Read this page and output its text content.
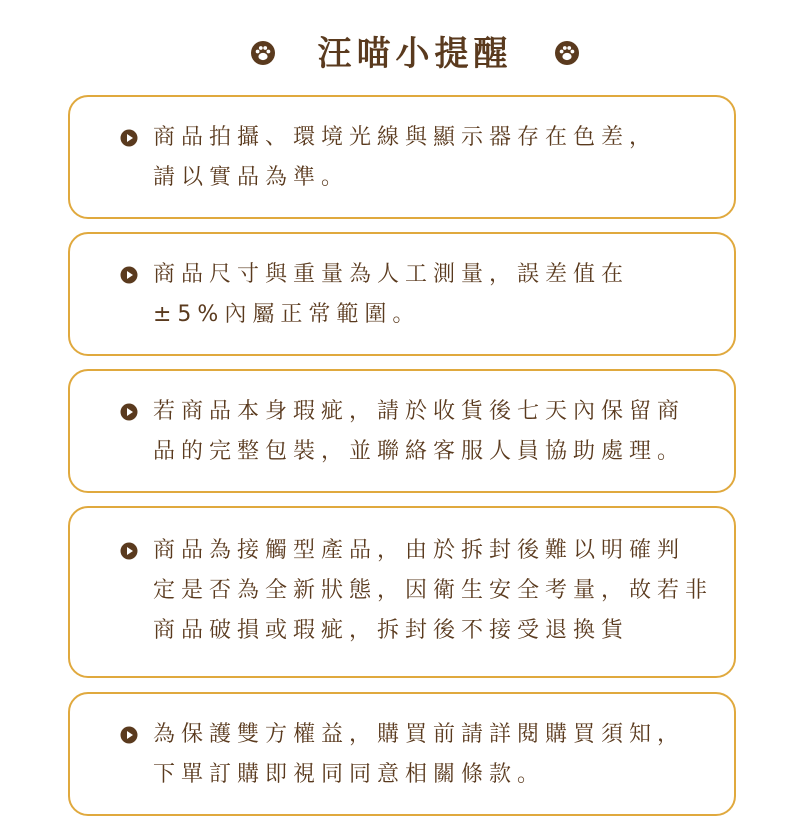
汪喵小提醒
商品拍攝、環境光線與顯示器存在色差，
請以實品為準。
商品尺寸與重量為人工測量，誤差值在
±5%內屬正常範圍。
若商品本身瑕疵，請於收貨後七天內保留商
品的完整包裝，並聯絡客服人員協助處理。
商品為接觸型產品，由於拆封後難以明確判
定是否為全新狀態，因衛生安全考量，故若非
商品破損或瑕疵，拆封後不接受退換貨
為保護雙方權益，購買前請詳閱購買須知，
下單訂購即視同同意相關條款。
